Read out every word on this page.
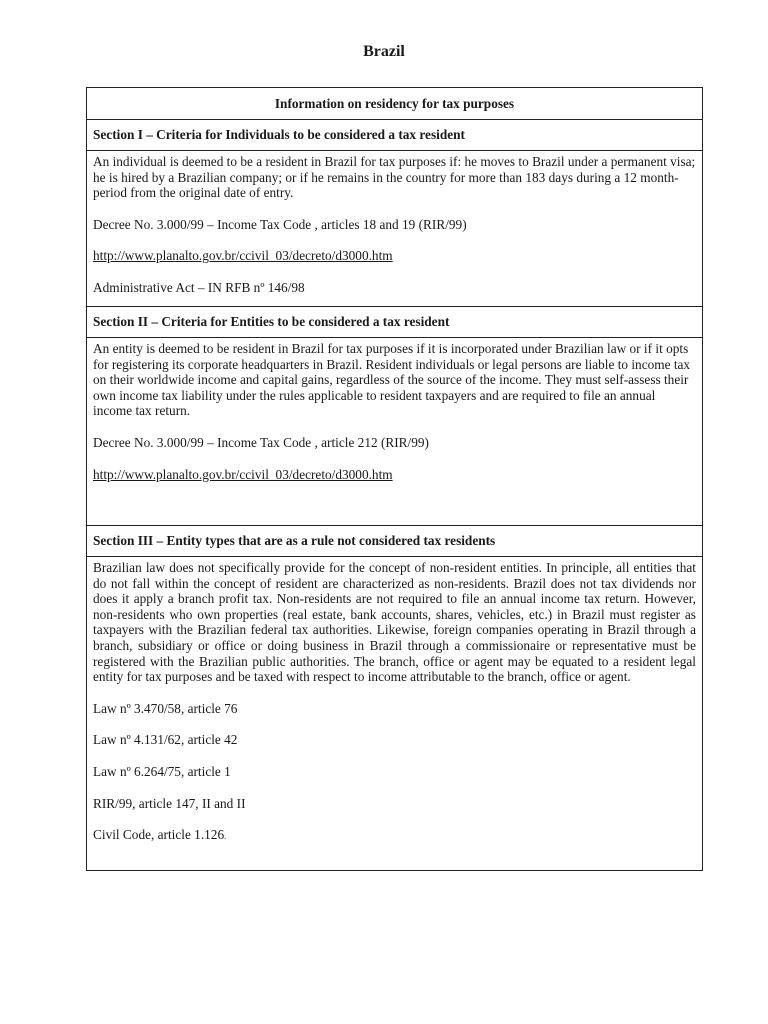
Brazil
Information on residency for tax purposes
Section I – Criteria for Individuals to be considered a tax resident

An individual is deemed to be a resident in Brazil for tax purposes if: he moves to Brazil under a permanent visa; he is hired by a Brazilian company; or if he remains in the country for more than 183 days during a 12 month-period from the original date of entry.

Decree No. 3.000/99 – Income Tax Code , articles 18 and 19 (RIR/99)

http://www.planalto.gov.br/ccivil_03/decreto/d3000.htm

Administrative Act – IN RFB nº 146/98

Section II – Criteria for Entities to be considered a tax resident

An entity is deemed to be resident in Brazil for tax purposes if it is incorporated under Brazilian law or if it opts for registering its corporate headquarters in Brazil. Resident individuals or legal persons are liable to income tax on their worldwide income and capital gains, regardless of the source of the income. They must self-assess their own income tax liability under the rules applicable to resident taxpayers and are required to file an annual income tax return.

Decree No. 3.000/99 – Income Tax Code , article 212 (RIR/99)

http://www.planalto.gov.br/ccivil_03/decreto/d3000.htm

Section III – Entity types that are as a rule not considered tax residents

Brazilian law does not specifically provide for the concept of non-resident entities. In principle, all entities that do not fall within the concept of resident are characterized as non-residents. Brazil does not tax dividends nor does it apply a branch profit tax. Non-residents are not required to file an annual income tax return. However, non-residents who own properties (real estate, bank accounts, shares, vehicles, etc.) in Brazil must register as taxpayers with the Brazilian federal tax authorities. Likewise, foreign companies operating in Brazil through a branch, subsidiary or office or doing business in Brazil through a commissionaire or representative must be registered with the Brazilian public authorities. The branch, office or agent may be equated to a resident legal entity for tax purposes and be taxed with respect to income attributable to the branch, office or agent.

Law nº 3.470/58, article 76

Law nº 4.131/62, article 42

Law nº 6.264/75, article 1

RIR/99, article 147, II and II

Civil Code, article 1.126.
